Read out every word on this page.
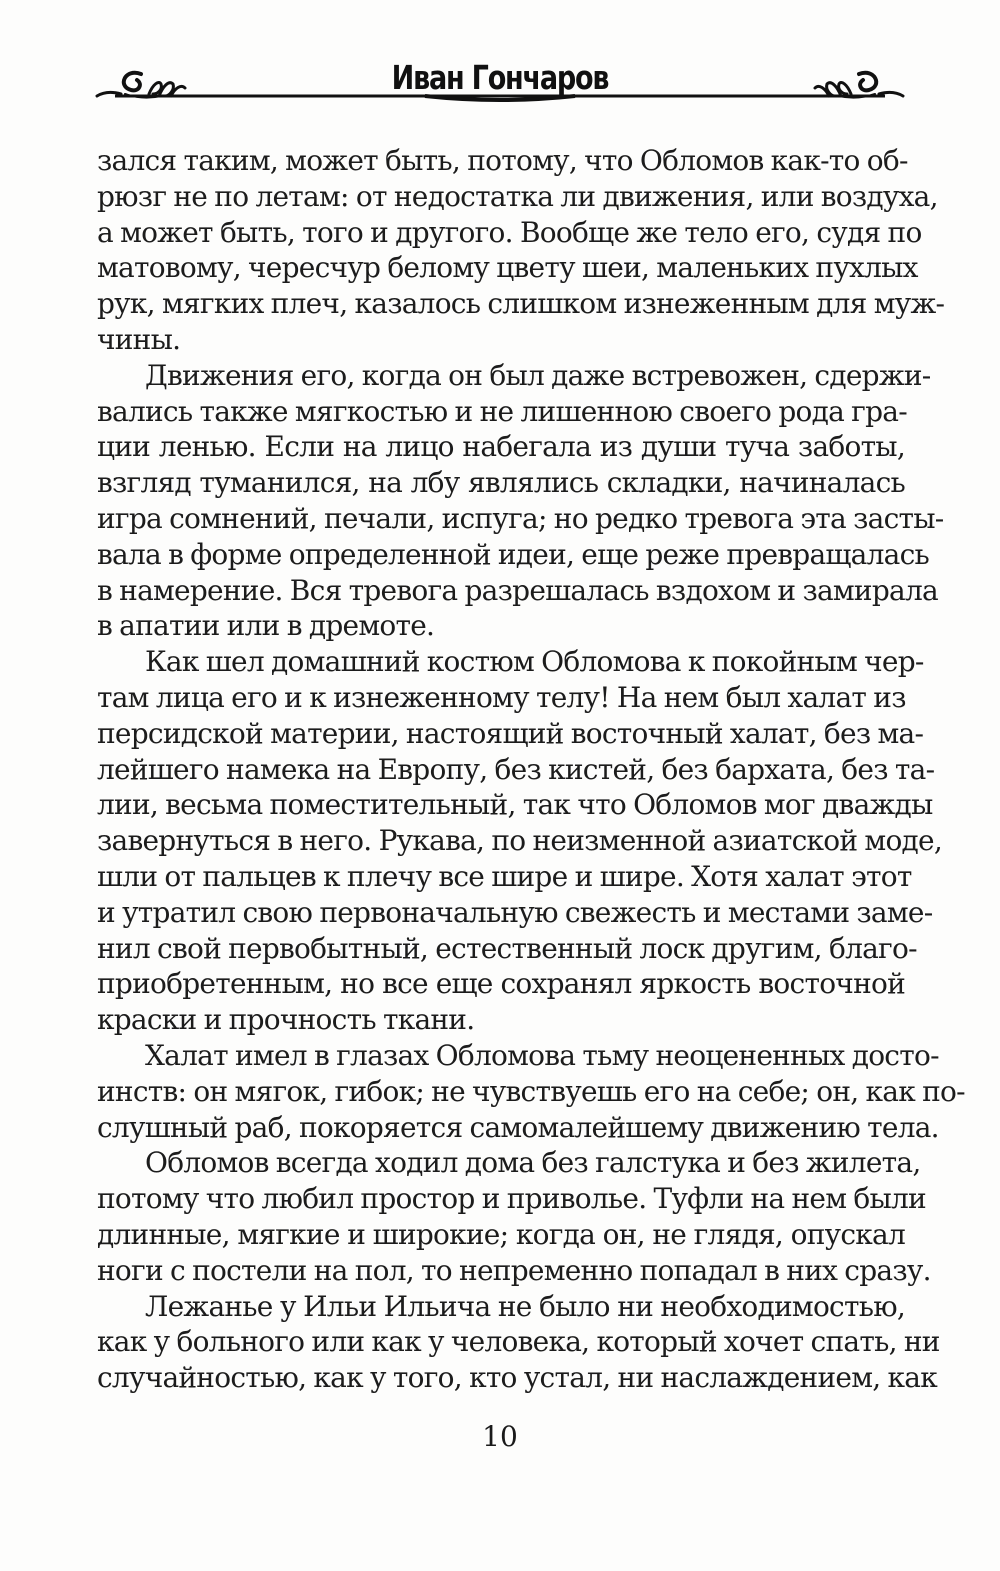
Иван Гончаров
зался таким, может быть, потому, что Обломов как-то об-
рюзг не по летам: от недостатка ли движения, или воздуха,
а может быть, того и другого. Вообще же тело его, судя по
матовому, чересчур белому цвету шеи, маленьких пухлых
рук, мягких плеч, казалось слишком изнеженным для муж-
чины.
Движения его, когда он был даже встревожен, сдержи-
вались также мягкостью и не лишенною своего рода гра-
ции ленью. Если на лицо набегала из души туча заботы,
взгляд туманился, на лбу являлись складки, начиналась
игра сомнений, печали, испуга; но редко тревога эта засты-
вала в форме определенной идеи, еще реже превращалась
в намерение. Вся тревога разрешалась вздохом и замирала
в апатии или в дремоте.
Как шел домашний костюм Обломова к покойным чер-
там лица его и к изнеженному телу! На нем был халат из
персидской материи, настоящий восточный халат, без ма-
лейшего намека на Европу, без кистей, без бархата, без та-
лии, весьма поместительный, так что Обломов мог дважды
завернуться в него. Рукава, по неизменной азиатской моде,
шли от пальцев к плечу все шире и шире. Хотя халат этот
и утратил свою первоначальную свежесть и местами заме-
нил свой первобытный, естественный лоск другим, благо-
приобретенным, но все еще сохранял яркость восточной
краски и прочность ткани.
Халат имел в глазах Обломова тьму неоцененных досто-
инств: он мягок, гибок; не чувствуешь его на себе; он, как по-
слушный раб, покоряется самомалейшему движению тела.
Обломов всегда ходил дома без галстука и без жилета,
потому что любил простор и приволье. Туфли на нем были
длинные, мягкие и широкие; когда он, не глядя, опускал
ноги с постели на пол, то непременно попадал в них сразу.
Лежанье у Ильи Ильича не было ни необходимостью,
как у больного или как у человека, который хочет спать, ни
случайностью, как у того, кто устал, ни наслаждением, как
10
